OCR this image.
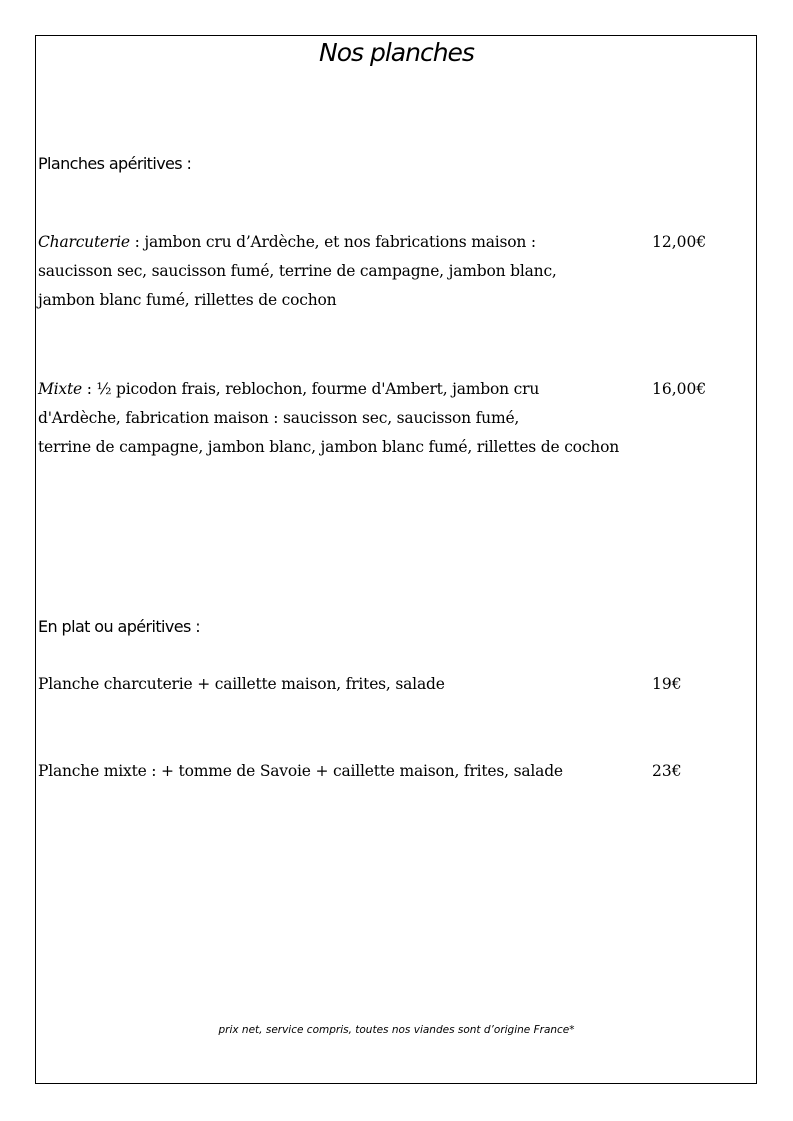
Nos planches
Planches apéritives :
Charcuterie : jambon cru d’Ardèche, et nos fabrications maison :
saucisson sec, saucisson fumé, terrine de campagne, jambon blanc,
jambon blanc fumé, rillettes de cochon
12,00€
Mixte : ½ picodon frais, reblochon, fourme d'Ambert, jambon cru
d'Ardèche, fabrication maison : saucisson sec, saucisson fumé,
terrine de campagne, jambon blanc, jambon blanc fumé, rillettes de cochon
16,00€
En plat ou apéritives :
Planche charcuterie + caillette maison, frites, salade	19€
Planche mixte : + tomme de Savoie + caillette maison, frites, salade	23€
prix net, service compris, toutes nos viandes sont d’origine France*
